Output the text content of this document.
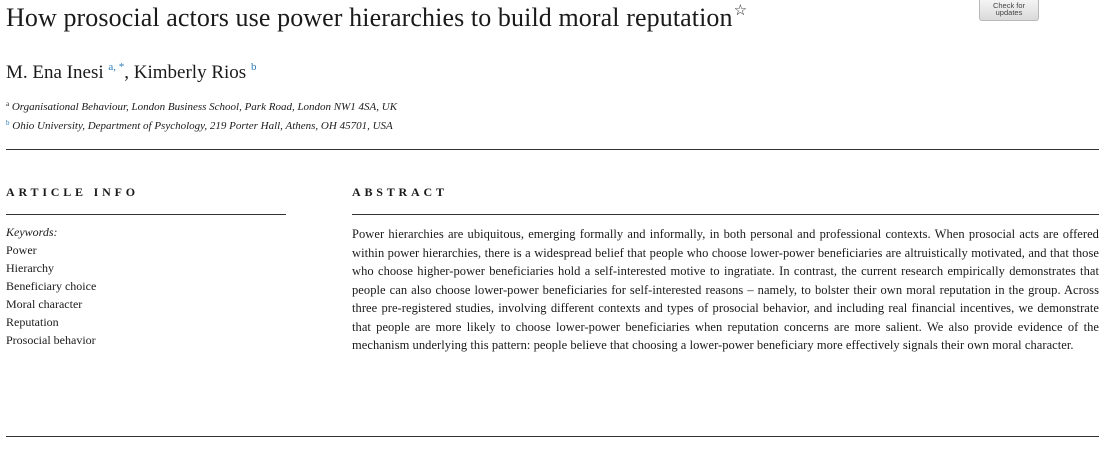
How prosocial actors use power hierarchies to build moral reputation☆	Check for
updates
M. Ena Inesi $^{a, *}$, Kimberly Rios $^b$
$^a$ Organisational Behaviour, London Business School, Park Road, London NW1 4SA, UK
$^b$ Ohio University, Department of Psychology, 219 Porter Hall, Athens, OH 45701, USA
ARTICLE INFO	ABSTRACT
Keywords:
Power
Hierarchy
Beneficiary choice
Moral character
Reputation
Prosocial behavior

Power hierarchies are ubiquitous, emerging formally and informally, in both personal and professional contexts. When prosocial acts are offered within power hierarchies, there is a widespread belief that people who choose lower-power beneficiaries are altruistically motivated, and that those who choose higher-power beneficiaries hold a self-interested motive to ingratiate. In contrast, the current research empirically demonstrates that people can also choose lower-power beneficiaries for self-interested reasons – namely, to bolster their own moral reputation in the group. Across three pre-registered studies, involving different contexts and types of prosocial behavior, and including real financial incentives, we demonstrate that people are more likely to choose lower-power beneficiaries when reputation concerns are more salient. We also provide evidence of the mechanism underlying this pattern: people believe that choosing a lower-power beneficiary more effectively signals their own moral character.
